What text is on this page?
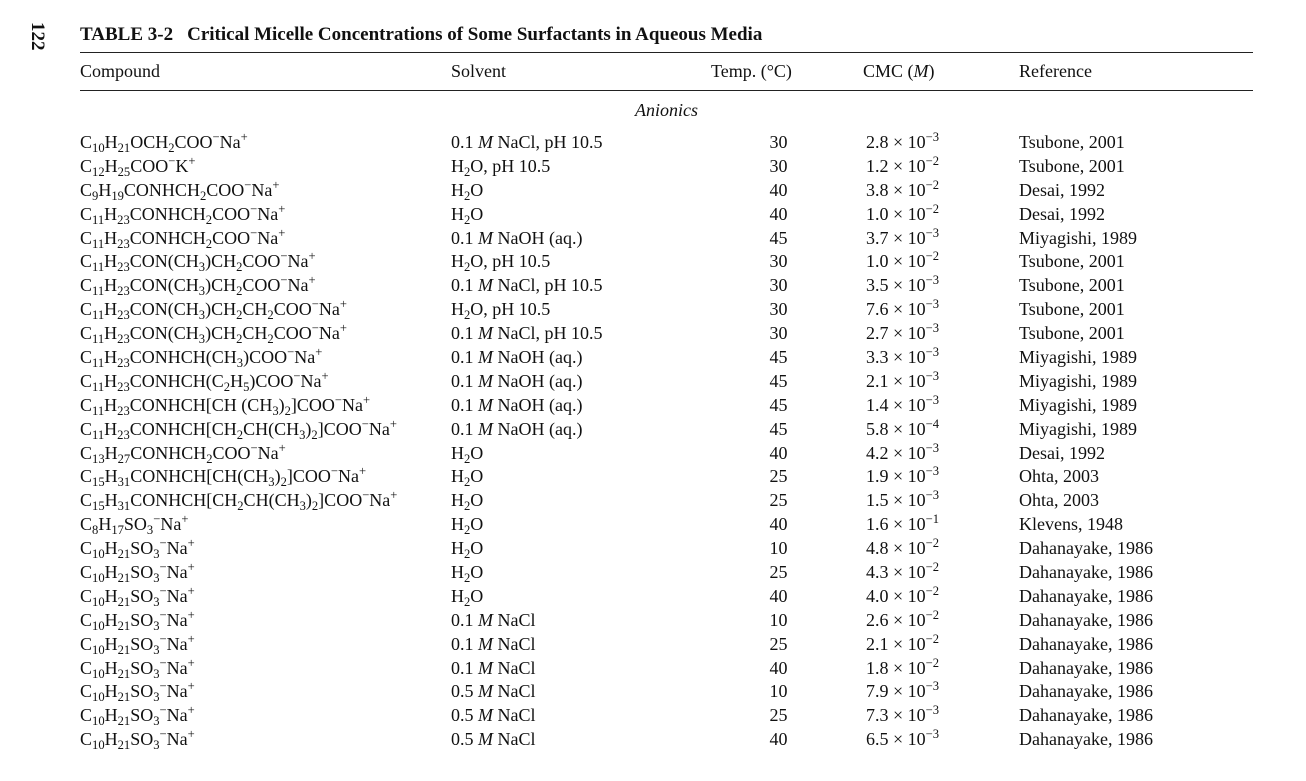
122 TABLE 3-2 Critical Micelle Concentrations of Some Surfactants in Aqueous Media
Compound	Solvent	Temp. (°C)	CMC (M)	Reference
Anionics
$C_{10}H_{21}OCH_2COO^-Na^+$	0.1 M NaCl, pH 10.5	30	$2.8 \times 10^{-3}$	Tsubone, 2001
$C_{12}H_{25}COO^-K^+$	$H_2O$, pH 10.5	30	$1.2 \times 10^{-2}$	Tsubone, 2001
$C_9H_{19}CONHCH_2COO^-Na^+$	$H_2O$	40	$3.8 \times 10^{-2}$	Desai, 1992
$C_{11}H_{23}CONHCH_2COO^-Na^+$	$H_2O$	40	$1.0 \times 10^{-2}$	Desai, 1992
$C_{11}H_{23}CONHCH_2COO^-Na^+$	0.1 M NaOH (aq.)	45	$3.7 \times 10^{-3}$	Miyagishi, 1989
$C_{11}H_{23}CON(CH_3)CH_2COO^-Na^+$	$H_2O$, pH 10.5	30	$1.0 \times 10^{-2}$	Tsubone, 2001
$C_{11}H_{23}CON(CH_3)CH_2COO^-Na^+$	0.1 M NaCl, pH 10.5	30	$3.5 \times 10^{-3}$	Tsubone, 2001
$C_{11}H_{23}CON(CH_3)CH_2CH_2COO^-Na^+$	$H_2O$, pH 10.5	30	$7.6 \times 10^{-3}$	Tsubone, 2001
$C_{11}H_{23}CON(CH_3)CH_2CH_2COO^-Na^+$	0.1 M NaCl, pH 10.5	30	$2.7 \times 10^{-3}$	Tsubone, 2001
$C_{11}H_{23}CONHCH(CH_3)COO^-Na^+$	0.1 M NaOH (aq.)	45	$3.3 \times 10^{-3}$	Miyagishi, 1989
$C_{11}H_{23}CONHCH(C_2H_5)COO^-Na^+$	0.1 M NaOH (aq.)	45	$2.1 \times 10^{-3}$	Miyagishi, 1989
$C_{11}H_{23}CONHCH[CH$ $(CH_3)_2]COO^-Na^+$	0.1 M NaOH (aq.)	45	$1.4 \times 10^{-3}$	Miyagishi, 1989
$C_{11}H_{23}CONHCH[CH_2CH(CH_3)_2]COO^-Na^+$	0.1 M NaOH (aq.)	45	$5.8 \times 10^{-4}$	Miyagishi, 1989
$C_{13}H_{27}CONHCH_2COO^-Na^+$	$H_2O$	40	$4.2 \times 10^{-3}$	Desai, 1992
$C_{15}H_{31}CONHCH[CH(CH_3)_2]COO^-Na^+$	$H_2O$	25	$1.9 \times 10^{-3}$	Ohta, 2003
$C_{15}H_{31}CONHCH[CH_2CH(CH_3)_2]COO^-Na^+$	$H_2O$	25	$1.5 \times 10^{-3}$	Ohta, 2003
$C_8H_{17}SO_3^-Na^+$	$H_2O$	40	$1.6 \times 10^{-1}$	Klevens, 1948
$C_{10}H_{21}SO_3^-Na^+$	$H_2O$	10	$4.8 \times 10^{-2}$	Dahanayake, 1986
$C_{10}H_{21}SO_3^-Na^+$	$H_2O$	25	$4.3 \times 10^{-2}$	Dahanayake, 1986
$C_{10}H_{21}SO_3^-Na^+$	$H_2O$	40	$4.0 \times 10^{-2}$	Dahanayake, 1986
$C_{10}H_{21}SO_3^-Na^+$	0.1 M NaCl	10	$2.6 \times 10^{-2}$	Dahanayake, 1986
$C_{10}H_{21}SO_3^-Na^+$	0.1 M NaCl	25	$2.1 \times 10^{-2}$	Dahanayake, 1986
$C_{10}H_{21}SO_3^-Na^+$	0.1 M NaCl	40	$1.8 \times 10^{-2}$	Dahanayake, 1986
$C_{10}H_{21}SO_3^-Na^+$	0.5 M NaCl	10	$7.9 \times 10^{-3}$	Dahanayake, 1986
$C_{10}H_{21}SO_3^-Na^+$	0.5 M NaCl	25	$7.3 \times 10^{-3}$	Dahanayake, 1986
$C_{10}H_{21}SO_3^-Na^+$	0.5 M NaCl	40	$6.5 \times 10^{-3}$	Dahanayake, 1986
